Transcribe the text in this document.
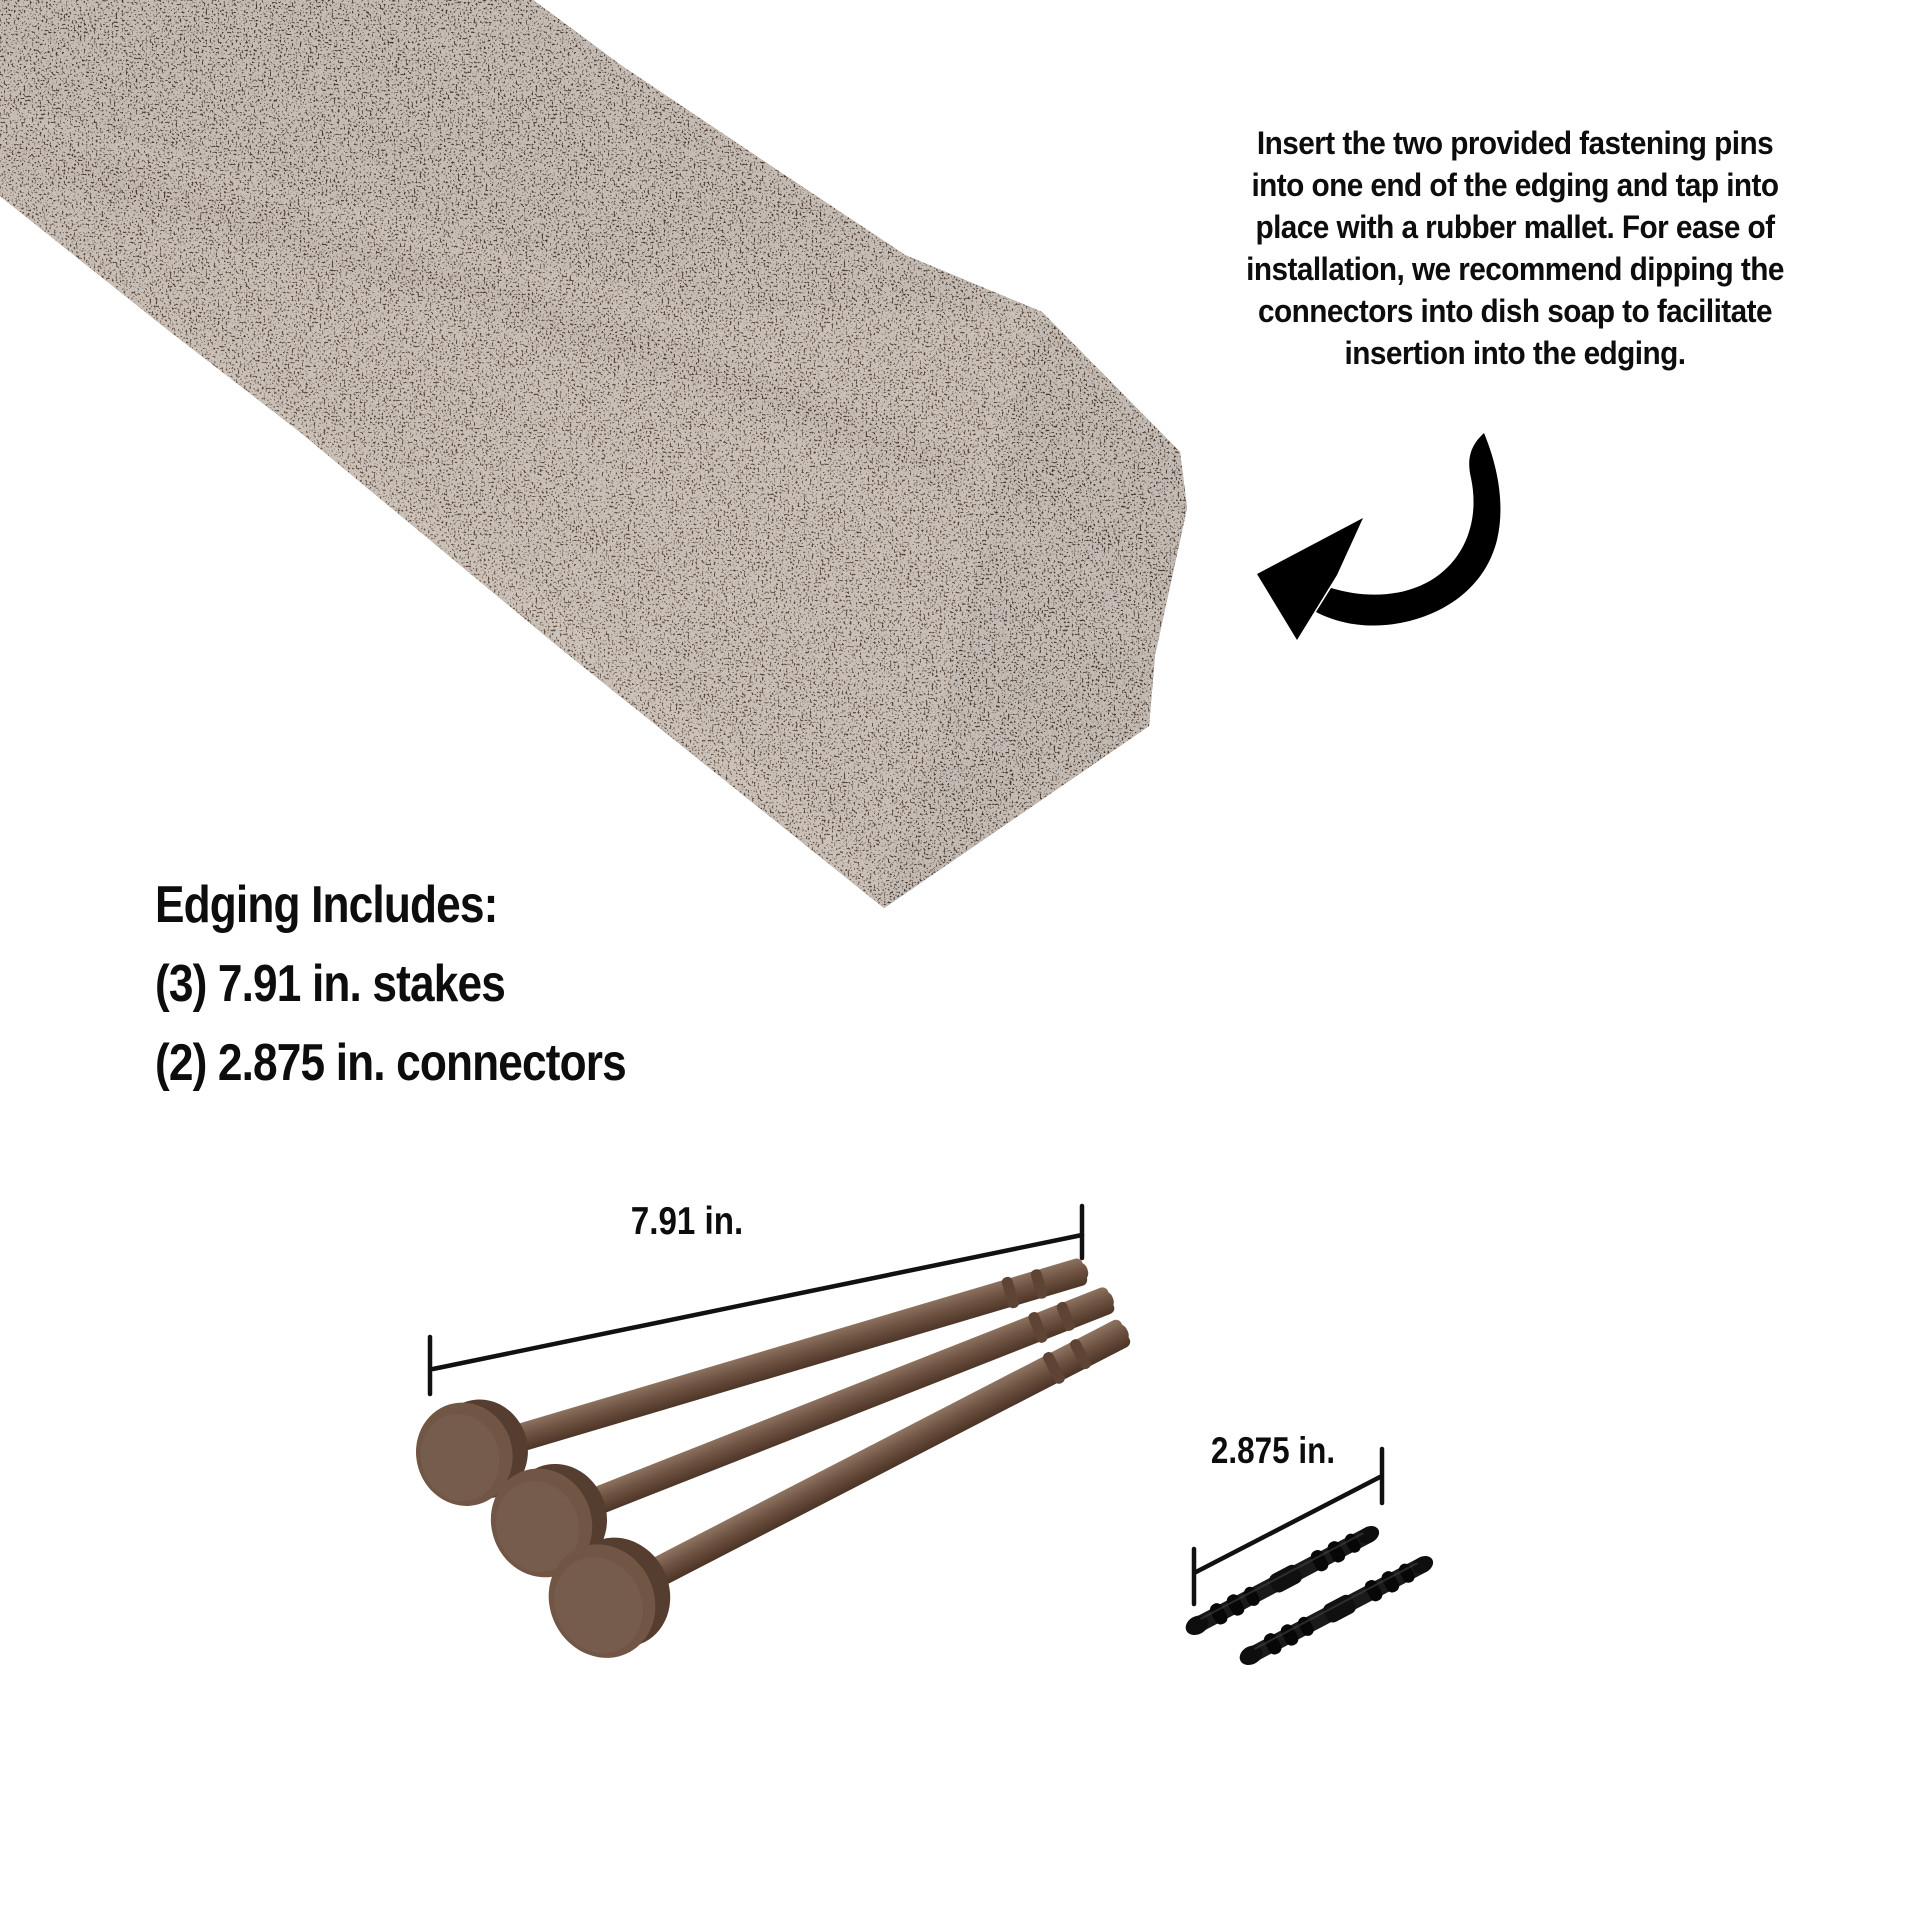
Insert the two provided fastening pins
into one end of the edging and tap into
place with a rubber mallet. For ease of
installation, we recommend dipping the
connectors into dish soap to facilitate
insertion into the edging.
Edging Includes:
(3) 7.91 in. stakes
(2) 2.875 in. connectors
7.91 in.
2.875 in.
